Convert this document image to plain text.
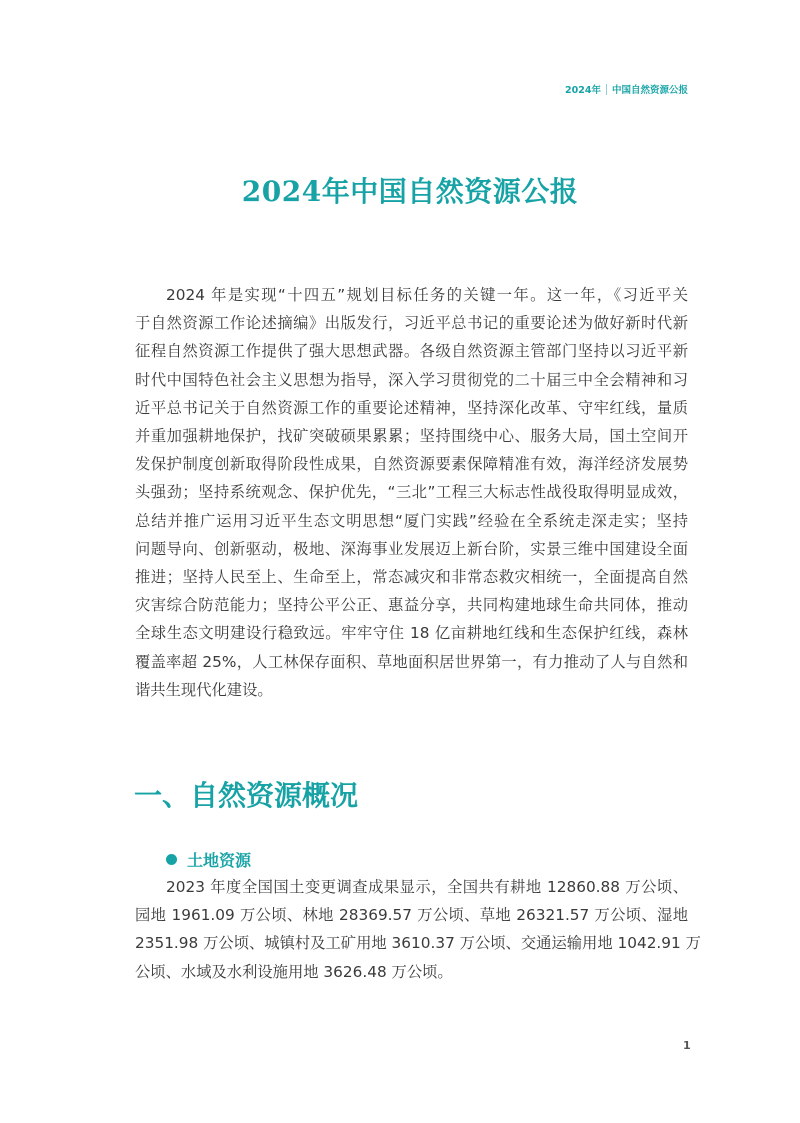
2024年 中国自然资源公报
2024年中国自然资源公报
2024 年是实现“十四五”规划目标任务的关键一年。这一年，《习近平关
于自然资源工作论述摘编》出版发行，习近平总书记的重要论述为做好新时代新
征程自然资源工作提供了强大思想武器。各级自然资源主管部门坚持以习近平新
时代中国特色社会主义思想为指导，深入学习贯彻党的二十届三中全会精神和习
近平总书记关于自然资源工作的重要论述精神，坚持深化改革、守牢红线，量质
并重加强耕地保护，找矿突破硕果累累；坚持围绕中心、服务大局，国土空间开
发保护制度创新取得阶段性成果，自然资源要素保障精准有效，海洋经济发展势
头强劲；坚持系统观念、保护优先，“三北”工程三大标志性战役取得明显成效，
总结并推广运用习近平生态文明思想“厦门实践”经验在全系统走深走实；坚持
问题导向、创新驱动，极地、深海事业发展迈上新台阶，实景三维中国建设全面
推进；坚持人民至上、生命至上，常态减灾和非常态救灾相统一，全面提高自然
灾害综合防范能力；坚持公平公正、惠益分享，共同构建地球生命共同体，推动
全球生态文明建设行稳致远。牢牢守住 18 亿亩耕地红线和生态保护红线，森林
覆盖率超 25%，人工林保存面积、草地面积居世界第一，有力推动了人与自然和
谐共生现代化建设。
一、自然资源概况
土地资源
2023 年度全国国土变更调查成果显示，全国共有耕地 12860.88 万公顷、
园地 1961.09 万公顷、林地 28369.57 万公顷、草地 26321.57 万公顷、湿地
2351.98 万公顷、城镇村及工矿用地 3610.37 万公顷、交通运输用地 1042.91 万
公顷、水域及水利设施用地 3626.48 万公顷。
1
